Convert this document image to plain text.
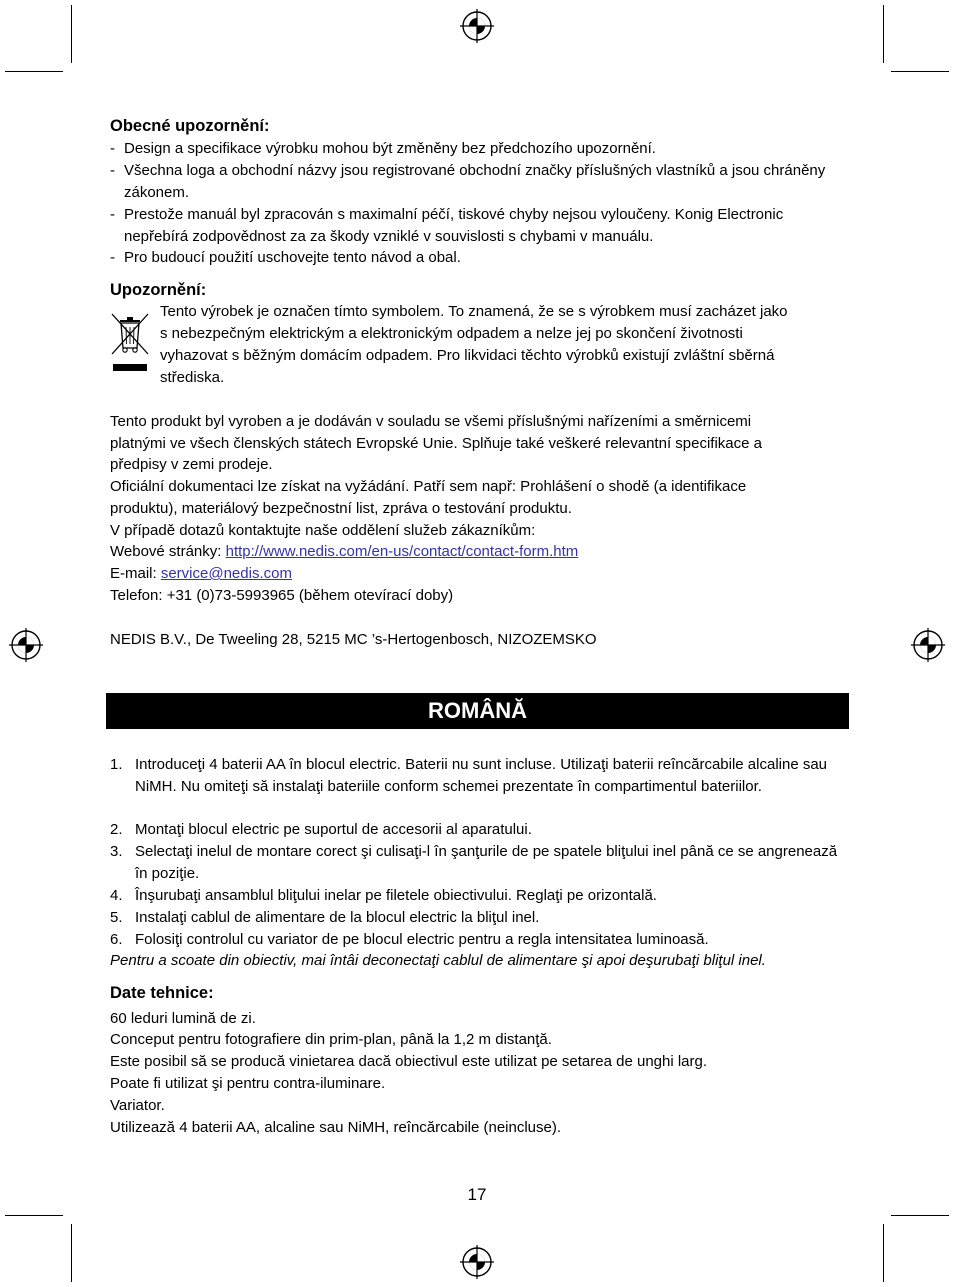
Obecné upozornění:
- Design a specifikace výrobku mohou být změněny bez předchozího upozornění.
- Všechna loga a obchodní názvy jsou registrované obchodní značky příslušných vlastníků a jsou chráněny zákonem.
- Prestože manuál byl zpracován s maximalní péčí, tiskové chyby nejsou vyloučeny. Konig Electronic nepřebírá zodpovědnost za za škody vzniklé v souvislosti s chybami v manuálu.
- Pro budoucí použití uschovejte tento návod a obal.
Upozornění:
Tento výrobek je označen tímto symbolem. To znamená, že se s výrobkem musí zacházet jako
s nebezpečným elektrickým a elektronickým odpadem a nelze jej po skončení životnosti
vyhazovat s běžným domácím odpadem. Pro likvidaci těchto výrobků existují zvláštní sběrná
střediska.
Tento produkt byl vyroben a je dodáván v souladu se všemi příslušnými nařízeními a směrnicemi
platnými ve všech členských státech Evropské Unie. Splňuje také veškeré relevantní specifikace a
předpisy v zemi prodeje.
Oficiální dokumentaci lze získat na vyžádání. Patří sem např: Prohlášení o shodě (a identifikace
produktu), materiálový bezpečnostní list, zpráva o testování produktu.
V případě dotazů kontaktujte naše oddělení služeb zákazníkům:
Webové stránky: http://www.nedis.com/en-us/contact/contact-form.htm
E-mail: service@nedis.com
Telefon: +31 (0)73-5993965 (během otevírací doby)
NEDIS B.V., De Tweeling 28, 5215 MC ’s-Hertogenbosch, NIZOZEMSKO
ROMÂNĂ
1. Introduceţi 4 baterii AA în blocul electric. Baterii nu sunt incluse. Utilizaţi baterii reîncărcabile alcaline sau NiMH. Nu omiteţi să instalaţi bateriile conform schemei prezentate în compartimentul bateriilor.
2. Montaţi blocul electric pe suportul de accesorii al aparatului.
3. Selectaţi inelul de montare corect şi culisaţi-l în şanţurile de pe spatele bliţului inel până ce se angrenează în poziţie.
4. Înşurubaţi ansamblul bliţului inelar pe filetele obiectivului. Reglaţi pe orizontală.
5. Instalaţi cablul de alimentare de la blocul electric la bliţul inel.
6. Folosiţi controlul cu variator de pe blocul electric pentru a regla intensitatea luminoasă.
Pentru a scoate din obiectiv, mai întâi deconectaţi cablul de alimentare şi apoi deşurubaţi bliţul inel.
Date tehnice:
60 leduri lumină de zi.
Conceput pentru fotografiere din prim-plan, până la 1,2 m distanţă.
Este posibil să se producă vinietarea dacă obiectivul este utilizat pe setarea de unghi larg.
Poate fi utilizat şi pentru contra-iluminare.
Variator.
Utilizează 4 baterii AA, alcaline sau NiMH, reîncărcabile (neincluse).
17
